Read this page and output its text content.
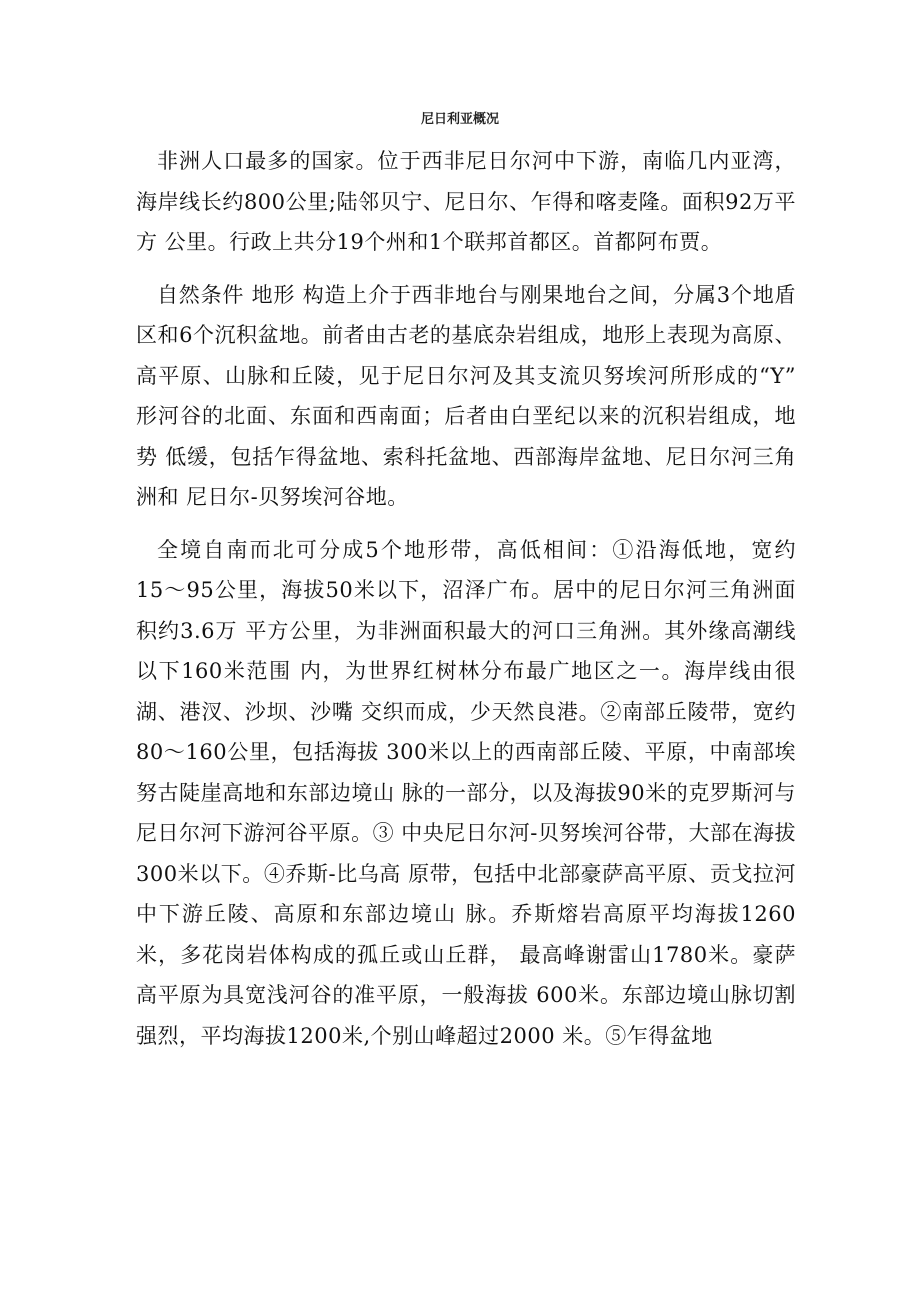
尼日利亚概况

非洲人口最多的国家。位于西非尼日尔河中下游，南临几内亚湾，海岸线长约800公里;陆邻贝宁、尼日尔、乍得和喀麦隆。面积92万平方 公里。行政上共分19个州和1个联邦首都区。首都阿布贾。

自然条件 地形 构造上介于西非地台与刚果地台之间，分属3个地盾 区和6个沉积盆地。前者由古老的基底杂岩组成，地形上表现为高原、 高平原、山脉和丘陵，见于尼日尔河及其支流贝努埃河所形成的“Y” 形河谷的北面、东面和西南面；后者由白垩纪以来的沉积岩组成，地势 低缓，包括乍得盆地、索科托盆地、西部海岸盆地、尼日尔河三角洲和 尼日尔-贝努埃河谷地。

全境自南而北可分成5个地形带，高低相间：①沿海低地，宽约15〜95公里，海拔50米以下，沼泽广布。居中的尼日尔河三角洲面积约3.6万 平方公里，为非洲面积最大的河口三角洲。其外缘高潮线以下160米范围 内，为世界红树林分布最广地区之一。海岸线由很湖、港汊、沙坝、沙嘴 交织而成，少天然良港。②南部丘陵带，宽约80〜160公里，包括海拔 300米以上的西南部丘陵、平原，中南部埃努古陡崖高地和东部边境山 脉的一部分，以及海拔90米的克罗斯河与尼日尔河下游河谷平原。③ 中央尼日尔河-贝努埃河谷带，大部在海拔300米以下。④乔斯-比乌高 原带，包括中北部豪萨高平原、贡戈拉河中下游丘陵、高原和东部边境山 脉。乔斯熔岩高原平均海拔1260米，多花岗岩体构成的孤丘或山丘群， 最高峰谢雷山1780米。豪萨高平原为具宽浅河谷的准平原，一般海拔 600米。东部边境山脉切割强烈，平均海拔1200米,个别山峰超过2000 米。⑤乍得盆地
